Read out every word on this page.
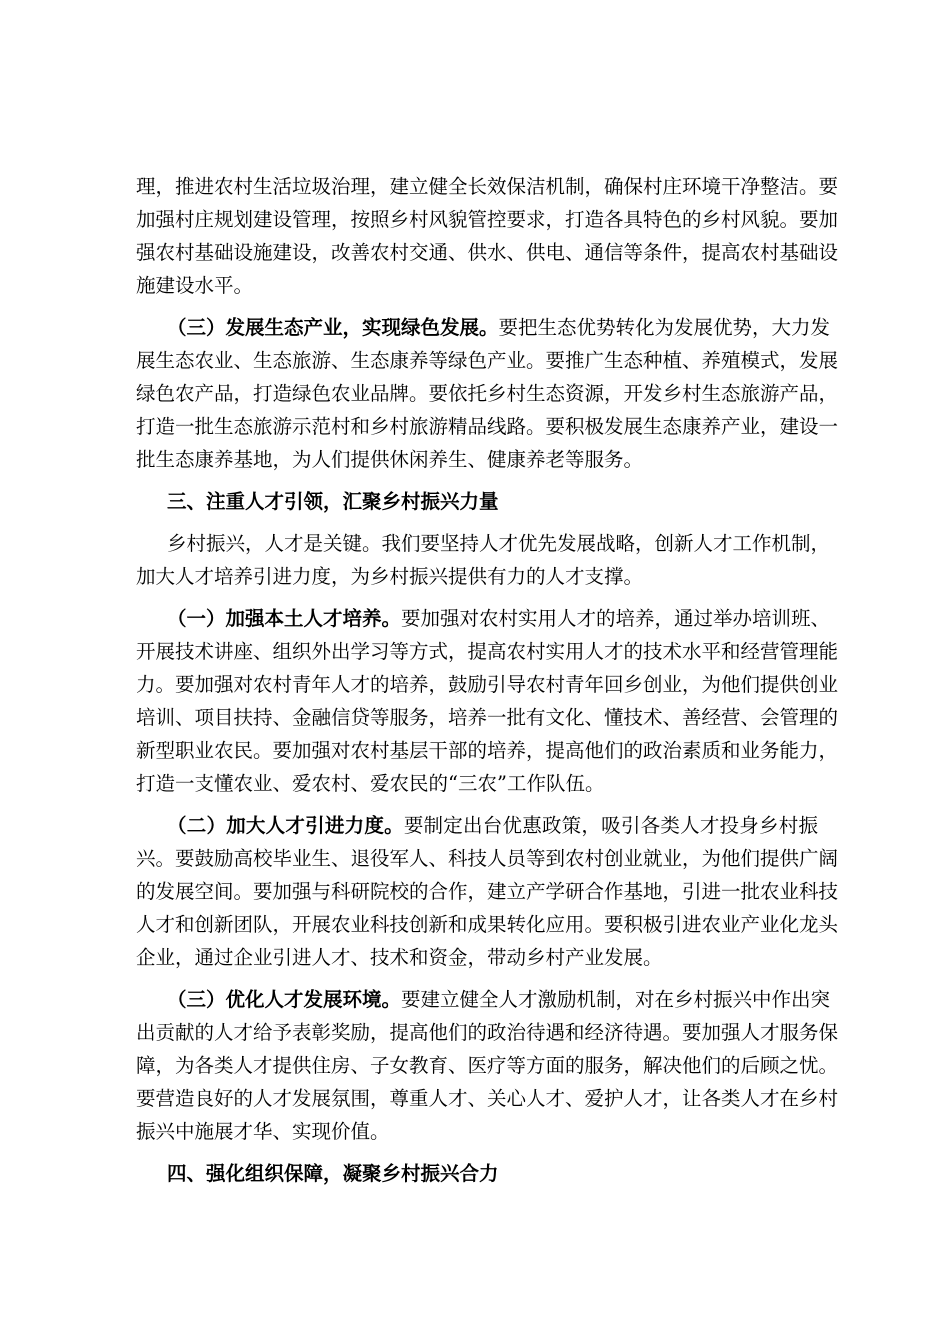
理，推进农村生活垃圾治理，建立健全长效保洁机制，确保村庄环境干净整洁。要
加强村庄规划建设管理，按照乡村风貌管控要求，打造各具特色的乡村风貌。要加
强农村基础设施建设，改善农村交通、供水、供电、通信等条件，提高农村基础设
施建设水平。
（三）发展生态产业，实现绿色发展。要把生态优势转化为发展优势，大力发
展生态农业、生态旅游、生态康养等绿色产业。要推广生态种植、养殖模式，发展
绿色农产品，打造绿色农业品牌。要依托乡村生态资源，开发乡村生态旅游产品，
打造一批生态旅游示范村和乡村旅游精品线路。要积极发展生态康养产业，建设一
批生态康养基地，为人们提供休闲养生、健康养老等服务。
三、注重人才引领，汇聚乡村振兴力量
乡村振兴，人才是关键。我们要坚持人才优先发展战略，创新人才工作机制，
加大人才培养引进力度，为乡村振兴提供有力的人才支撑。
（一）加强本土人才培养。要加强对农村实用人才的培养，通过举办培训班、
开展技术讲座、组织外出学习等方式，提高农村实用人才的技术水平和经营管理能
力。要加强对农村青年人才的培养，鼓励引导农村青年回乡创业，为他们提供创业
培训、项目扶持、金融信贷等服务，培养一批有文化、懂技术、善经营、会管理的
新型职业农民。要加强对农村基层干部的培养，提高他们的政治素质和业务能力，
打造一支懂农业、爱农村、爱农民的“三农”工作队伍。
（二）加大人才引进力度。要制定出台优惠政策，吸引各类人才投身乡村振
兴。要鼓励高校毕业生、退役军人、科技人员等到农村创业就业，为他们提供广阔
的发展空间。要加强与科研院校的合作，建立产学研合作基地，引进一批农业科技
人才和创新团队，开展农业科技创新和成果转化应用。要积极引进农业产业化龙头
企业，通过企业引进人才、技术和资金，带动乡村产业发展。
（三）优化人才发展环境。要建立健全人才激励机制，对在乡村振兴中作出突
出贡献的人才给予表彰奖励，提高他们的政治待遇和经济待遇。要加强人才服务保
障，为各类人才提供住房、子女教育、医疗等方面的服务，解决他们的后顾之忧。
要营造良好的人才发展氛围，尊重人才、关心人才、爱护人才，让各类人才在乡村
振兴中施展才华、实现价值。
四、强化组织保障，凝聚乡村振兴合力
